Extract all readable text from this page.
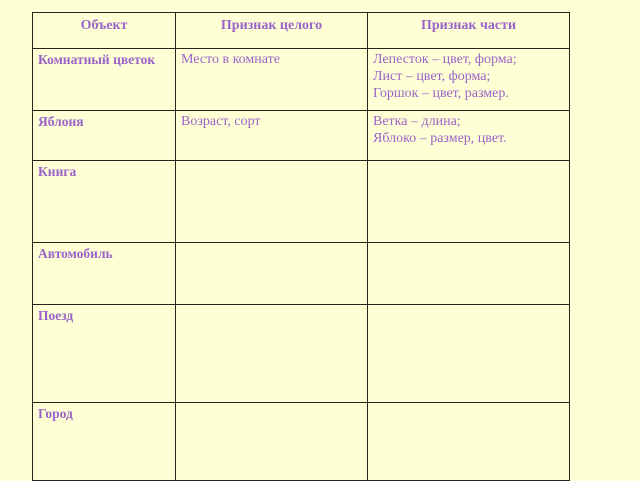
Объект	Признак целого	Признак части
Комнатный цветок	Место в комнате	Лепесток – цвет, форма;
Лист – цвет, форма;
Горшок – цвет, размер.
Яблоня	Возраст, сорт	Ветка – длина;
Яблоко – размер, цвет.
Книга		
Автомобиль		
Поезд		
Город		
